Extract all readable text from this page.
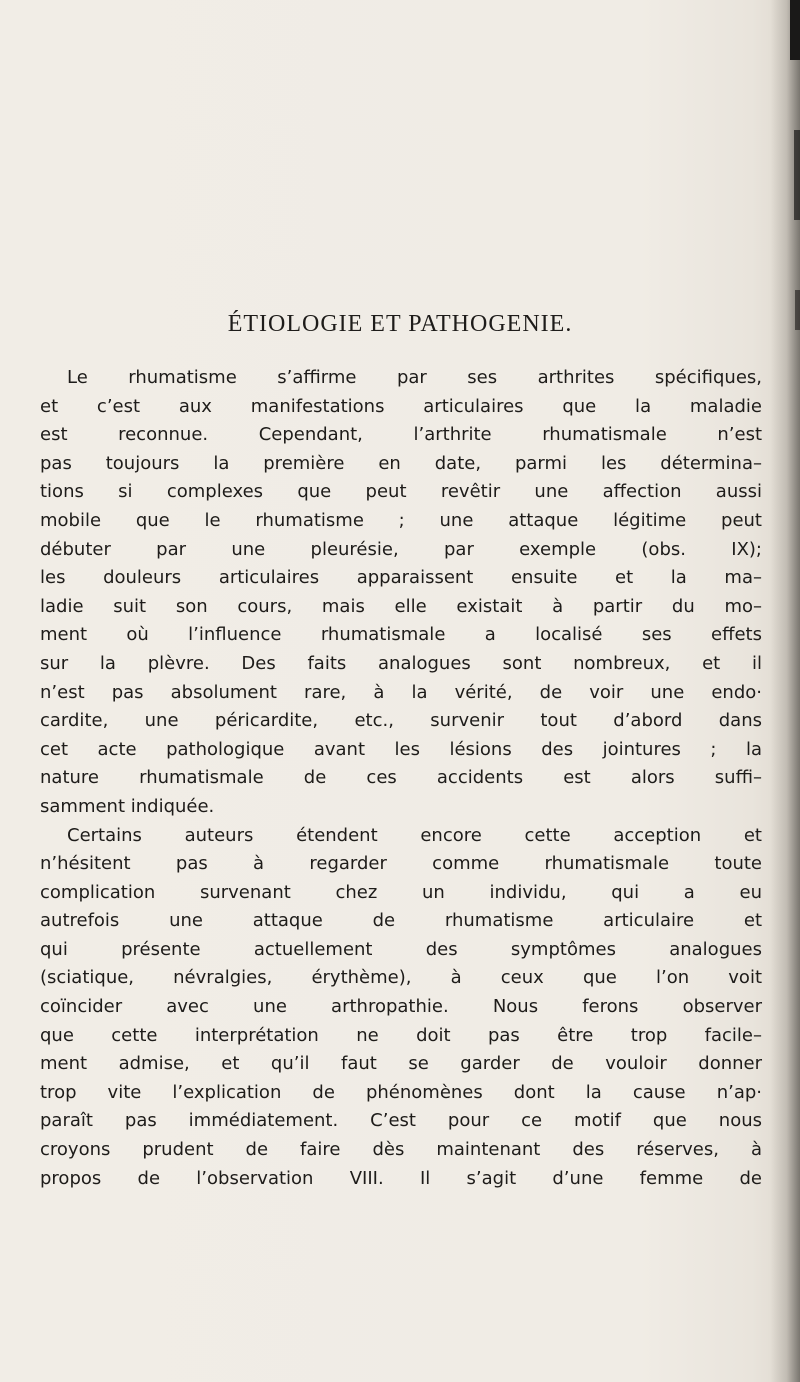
ÉTIOLOGIE ET PATHOGENIE.
Le rhumatisme s’affirme par ses arthrites spécifiques,
et c’est aux manifestations articulaires que la maladie
est reconnue. Cependant, l’arthrite rhumatismale n’est
pas toujours la première en date, parmi les détermina–
tions si complexes que peut revêtir une affection aussi
mobile que le rhumatisme ; une attaque légitime peut
débuter par une pleurésie, par exemple (obs. IX);
les douleurs articulaires apparaissent ensuite et la ma–
ladie suit son cours, mais elle existait à partir du mo–
ment où l’influence rhumatismale a localisé ses effets
sur la plèvre. Des faits analogues sont nombreux, et il
n’est pas absolument rare, à la vérité, de voir une endo·
cardite, une péricardite, etc., survenir tout d’abord dans
cet acte pathologique avant les lésions des jointures ; la
nature rhumatismale de ces accidents est alors suffi–
samment indiquée.
Certains auteurs étendent encore cette acception et
n’hésitent pas à regarder comme rhumatismale toute
complication survenant chez un individu, qui a eu
autrefois une attaque de rhumatisme articulaire et
qui présente actuellement des symptômes analogues
(sciatique, névralgies, érythème), à ceux que l’on voit
coïncider avec une arthropathie. Nous ferons observer
que cette interprétation ne doit pas être trop facile–
ment admise, et qu’il faut se garder de vouloir donner
trop vite l’explication de phénomènes dont la cause n’ap·
paraît pas immédiatement. C’est pour ce motif que nous
croyons prudent de faire dès maintenant des réserves, à
propos de l’observation VIII. Il s’agit d’une femme de
